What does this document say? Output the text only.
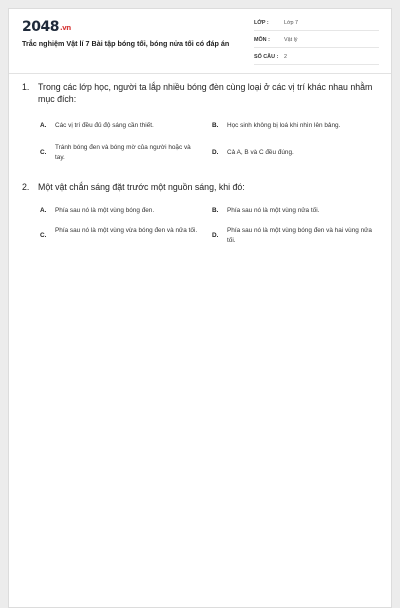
2048.vn
Trắc nghiệm Vật lí 7 Bài tập bóng tối, bóng nửa tối có đáp án
LỚP :	Lớp 7
MÔN :	Vật lý
SỐ CÂU : 2
1. Trong các lớp học, người ta lắp nhiều bóng đèn cùng loại ở các vị trí khác nhau nhằm mục đích:
A. Các vị trí đều đủ độ sáng cần thiết.	B. Học sinh không bị loá khi nhìn lên bảng.
C.
Tránh bóng đen và bóng mờ của người hoặc và tay.
D. Cả A, B và C đều đúng.
2. Một vật chắn sáng đặt trước một nguồn sáng, khi đó:
A. Phía sau nó là một vùng bóng đen.	B. Phía sau nó là một vùng nửa tối.
C.
Phía sau nó là một vùng vừa bóng đen và nửa tối.
D.
Phía sau nó là một vùng bóng đen và hai vùng nửa tối.
